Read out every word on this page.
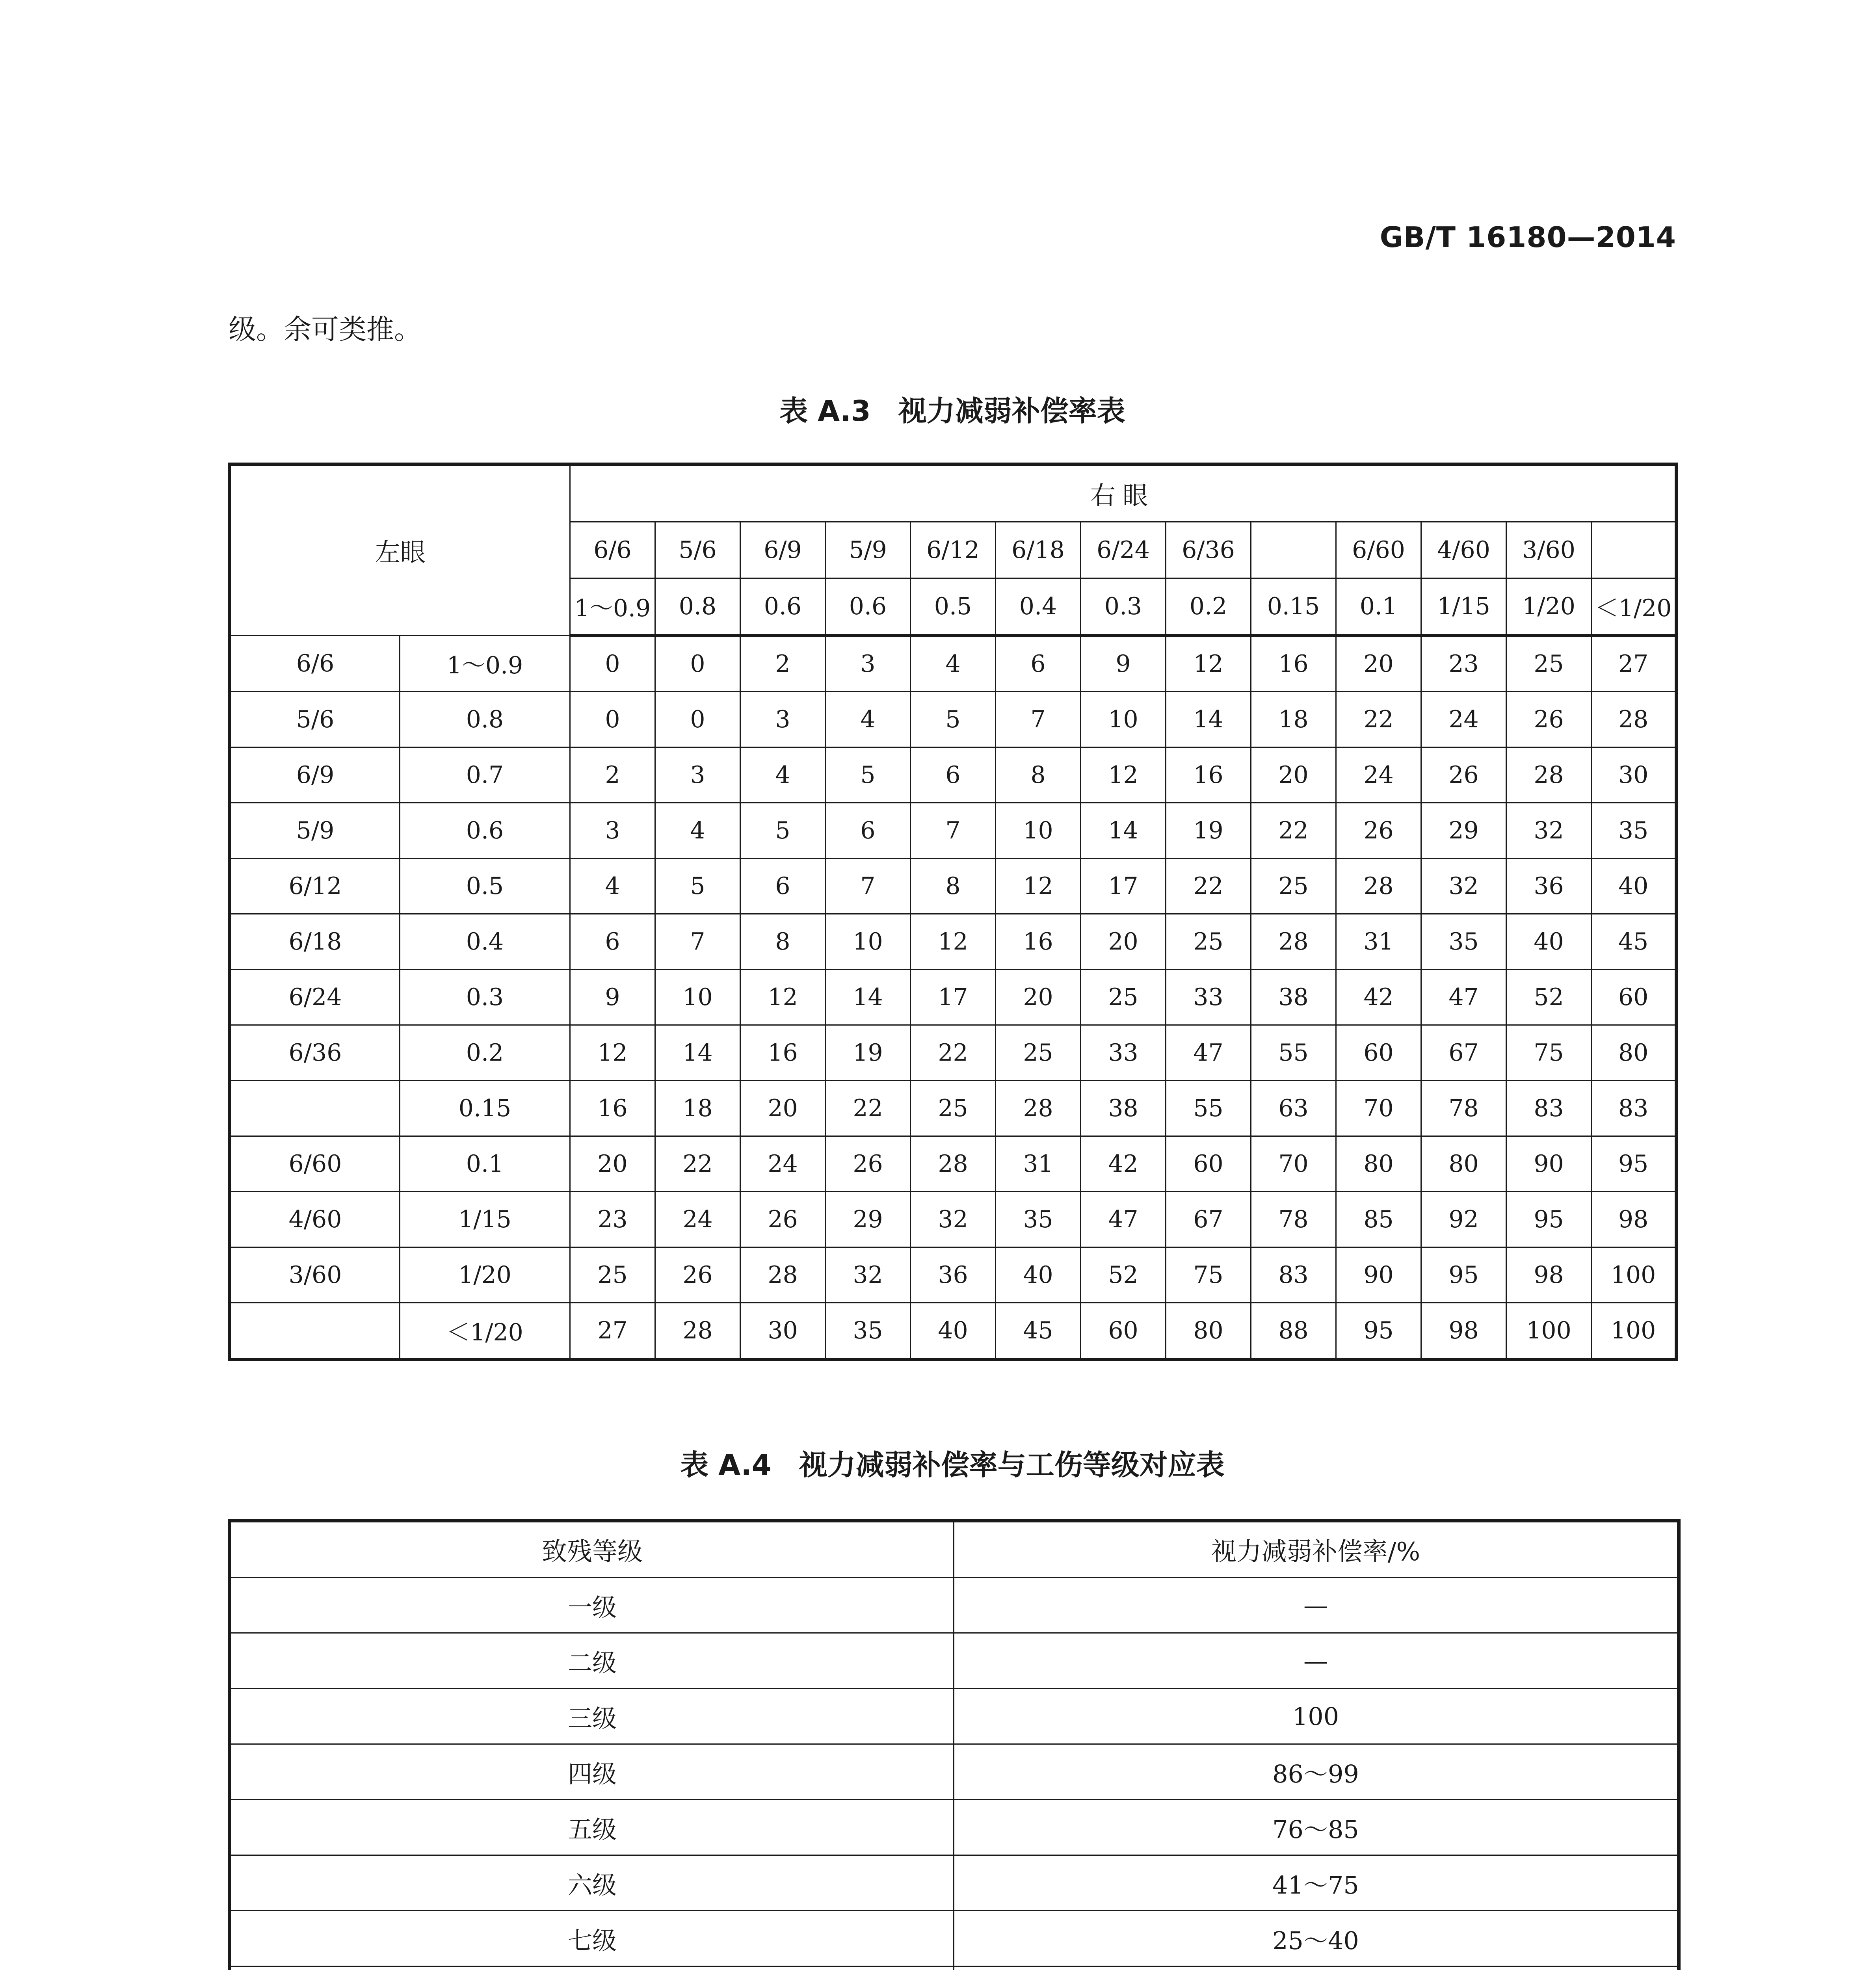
GB/T 16180—2014
级。余可类推。
表 A.3 视力减弱补偿率表
左眼		右眼												
		6/6	5/6	6/9	5/9	6/12	6/18	6/24	6/36		6/60	4/60	3/60	
		1～0.9	0.8	0.6	0.6	0.5	0.4	0.3	0.2	0.15	0.1	1/15	1/20	＜1/20
6/6	1～0.9	0	0	2	3	4	6	9	12	16	20	23	25	27
5/6	0.8	0	0	3	4	5	7	10	14	18	22	24	26	28
6/9	0.7	2	3	4	5	6	8	12	16	20	24	26	28	30
5/9	0.6	3	4	5	6	7	10	14	19	22	26	29	32	35
6/12	0.5	4	5	6	7	8	12	17	22	25	28	32	36	40
6/18	0.4	6	7	8	10	12	16	20	25	28	31	35	40	45
6/24	0.3	9	10	12	14	17	20	25	33	38	42	47	52	60
6/36	0.2	12	14	16	19	22	25	33	47	55	60	67	75	80
	0.15	16	18	20	22	25	28	38	55	63	70	78	83	83
6/60	0.1	20	22	24	26	28	31	42	60	70	80	80	90	95
4/60	1/15	23	24	26	29	32	35	47	67	78	85	92	95	98
3/60	1/20	25	26	28	32	36	40	52	75	83	90	95	98	100
	＜1/20	27	28	30	35	40	45	60	80	88	95	98	100	100
表 A.4 视力减弱补偿率与工伤等级对应表
致残等级	视力减弱补偿率/%
一级	—
二级	—
三级	100
四级	86～99
五级	76～85
六级	41～75
七级	25～40
